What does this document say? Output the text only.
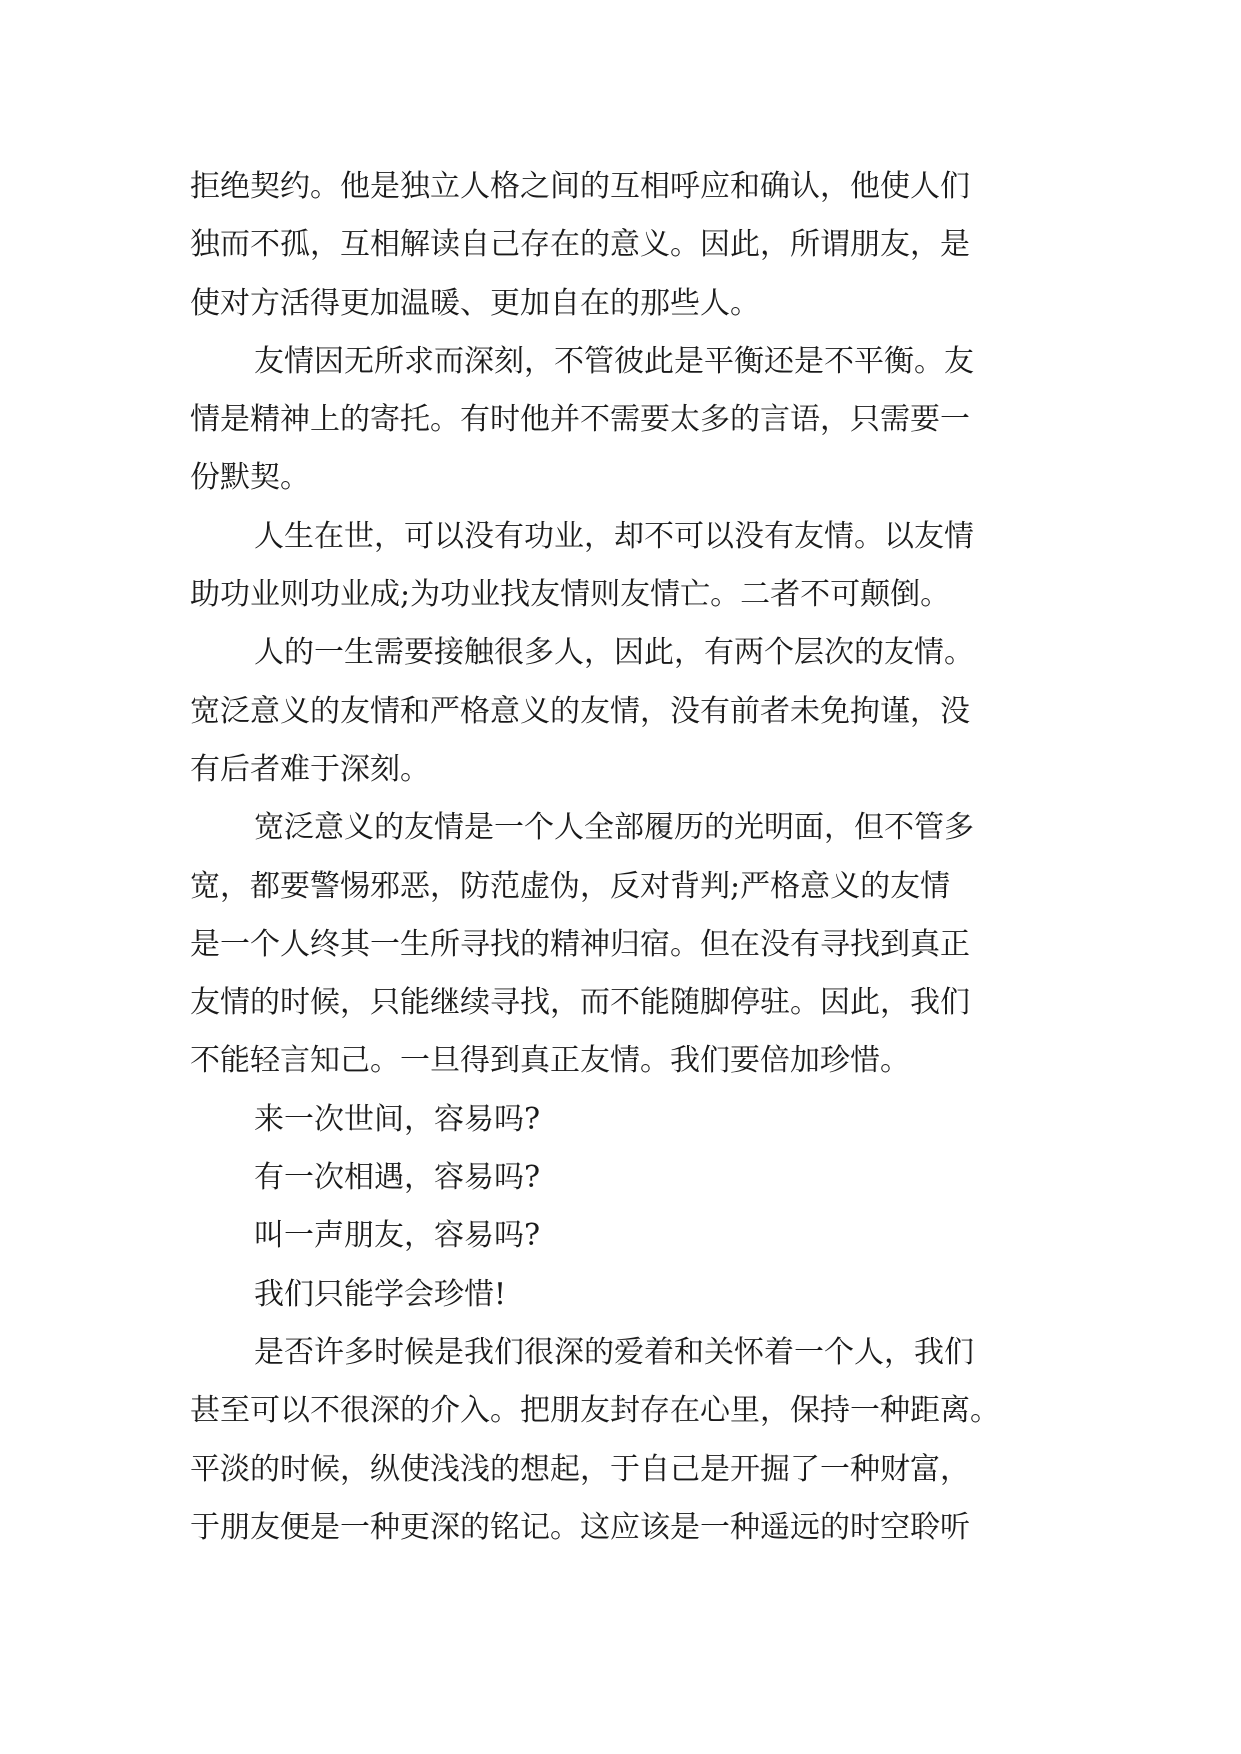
拒绝契约。他是独立人格之间的互相呼应和确认，他使人们
独而不孤，互相解读自己存在的意义。因此，所谓朋友，是
使对方活得更加温暖、更加自在的那些人。
友情因无所求而深刻，不管彼此是平衡还是不平衡。友
情是精神上的寄托。有时他并不需要太多的言语，只需要一
份默契。
人生在世，可以没有功业，却不可以没有友情。以友情
助功业则功业成;为功业找友情则友情亡。二者不可颠倒。
人的一生需要接触很多人，因此，有两个层次的友情。
宽泛意义的友情和严格意义的友情，没有前者未免拘谨，没
有后者难于深刻。
宽泛意义的友情是一个人全部履历的光明面，但不管多
宽，都要警惕邪恶，防范虚伪，反对背判;严格意义的友情
是一个人终其一生所寻找的精神归宿。但在没有寻找到真正
友情的时候，只能继续寻找，而不能随脚停驻。因此，我们
不能轻言知己。一旦得到真正友情。我们要倍加珍惜。
来一次世间，容易吗?
有一次相遇，容易吗?
叫一声朋友，容易吗?
我们只能学会珍惜!
是否许多时候是我们很深的爱着和关怀着一个人，我们
甚至可以不很深的介入。把朋友封存在心里，保持一种距离。
平淡的时候，纵使浅浅的想起，于自己是开掘了一种财富，
于朋友便是一种更深的铭记。这应该是一种遥远的时空聆听
